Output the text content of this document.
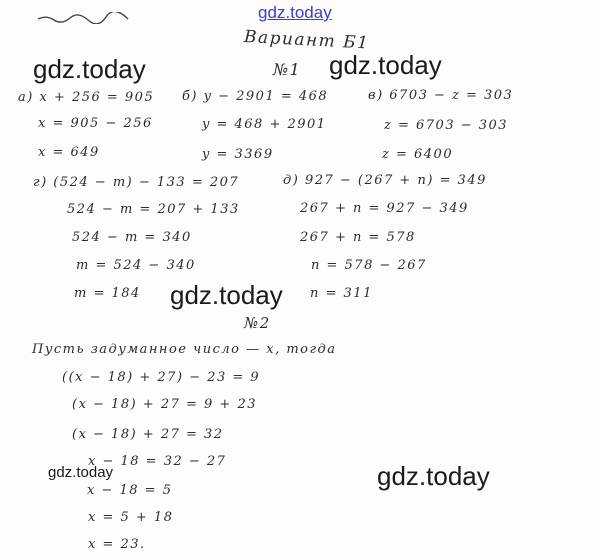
gdz.today
gdz.today	gdz.today
gdz.today
gdz.today	gdz.today
Вариант Б1
№1
а) x + 256 = 905
x = 905 − 256
x = 649
б) y − 2901 = 468
y = 468 + 2901
y = 3369
в) 6703 − z = 303
z = 6703 − 303
z = 6400
г) (524 − m) − 133 = 207
524 − m = 207 + 133
524 − m = 340
m = 524 − 340
m = 184
д) 927 − (267 + n) = 349
267 + n = 927 − 349
267 + n = 578
n = 578 − 267
n = 311
№2
Пусть задуманное число — x, тогда
((x − 18) + 27) − 23 = 9
(x − 18) + 27 = 9 + 23
(x − 18) + 27 = 32
x − 18 = 32 − 27
x − 18 = 5
x = 5 + 18
x = 23.
